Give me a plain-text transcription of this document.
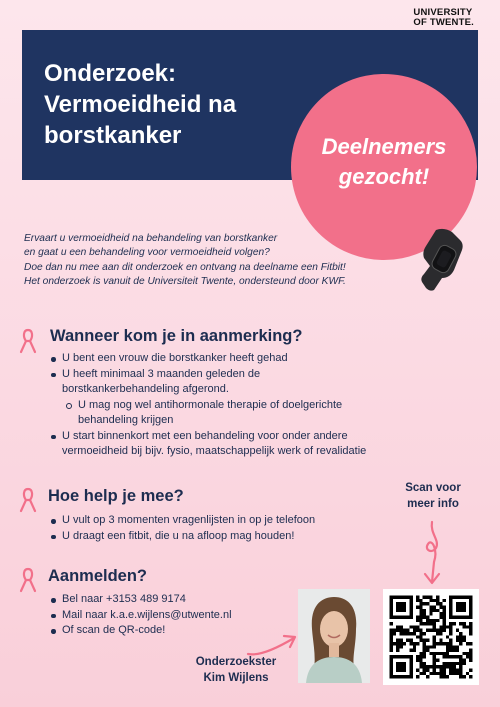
UNIVERSITY
OF TWENTE.
Onderzoek:
Vermoeidheid na
borstkanker	Deelnemers
gezocht!
Ervaart u vermoeidheid na behandeling van borstkanker
en gaat u een behandeling voor vermoeidheid volgen?
Doe dan nu mee aan dit onderzoek en ontvang na deelname een Fitbit!
Het onderzoek is vanuit de Universiteit Twente, ondersteund door KWF.
Wanneer kom je in aanmerking?
U bent een vrouw die borstkanker heeft gehad
U heeft minimaal 3 maanden geleden de
borstkankerbehandeling afgerond.
U mag nog wel antihormonale therapie of doelgerichte
behandeling krijgen
U start binnenkort met een behandeling voor onder andere
vermoeidheid bij bijv. fysio, maatschappelijk werk of revalidatie
Hoe help je mee?
U vult op 3 momenten vragenlijsten in op je telefoon
U draagt een fitbit, die u na afloop mag houden!
Scan voor
meer info
Aanmelden?
Bel naar +3153 489 9174
Mail naar k.a.e.wijlens@utwente.nl
Of scan de QR-code!
Onderzoekster
Kim Wijlens
